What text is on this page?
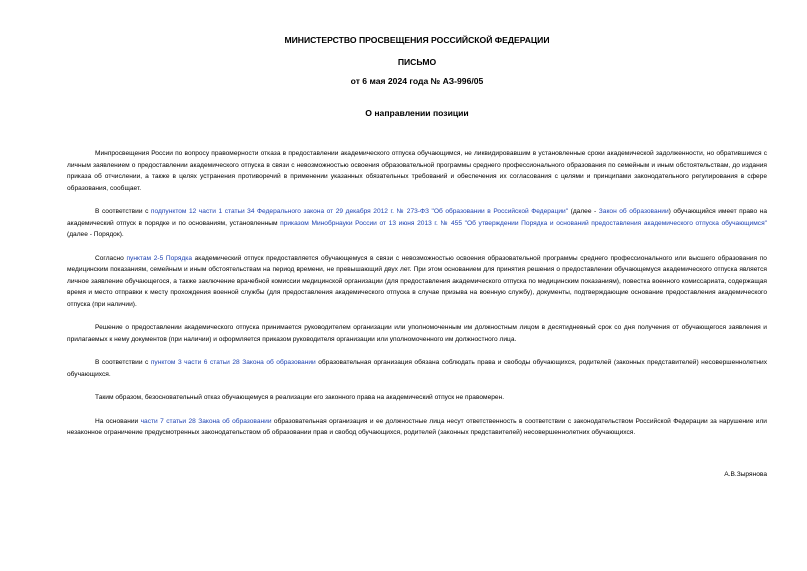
МИНИСТЕРСТВО ПРОСВЕЩЕНИЯ РОССИЙСКОЙ ФЕДЕРАЦИИ
ПИСЬМО
от 6 мая 2024 года № АЗ-996/05
О направлении позиции

Минпросвещения России по вопросу правомерности отказа в предоставлении академического отпуска обучающимся, не ликвидировавшим в установленные сроки академической задолженности, но обратившимся с личным заявлением о предоставлении академического отпуска в связи с невозможностью освоения образовательной программы среднего профессионального образования по семейным и иным обстоятельствам, до издания приказа об отчислении, а также в целях устранения противоречий в применении указанных обязательных требований и обеспечения их согласования с целями и принципами законодательного регулирования в сфере образования, сообщает.

В соответствии с подпунктом 12 части 1 статьи 34 Федерального закона от 29 декабря 2012 г. № 273-ФЗ "Об образовании в Российской Федерации" (далее - Закон об образовании) обучающийся имеет право на академический отпуск в порядке и по основаниям, установленным приказом Минобрнауки России от 13 июня 2013 г. № 455 "Об утверждении Порядка и оснований предоставления академического отпуска обучающимся" (далее - Порядок).

Согласно пунктам 2-5 Порядка академический отпуск предоставляется обучающемуся в связи с невозможностью освоения образовательной программы среднего профессионального или высшего образования по медицинским показаниям, семейным и иным обстоятельствам на период времени, не превышающий двух лет. При этом основанием для принятия решения о предоставлении обучающемуся академического отпуска является личное заявление обучающегося, а также заключение врачебной комиссии медицинской организации (для предоставления академического отпуска по медицинским показаниям), повестка военного комиссариата, содержащая время и место отправки к месту прохождения военной службы (для предоставления академического отпуска в случае призыва на военную службу), документы, подтверждающие основание предоставления академического отпуска (при наличии).

Решение о предоставлении академического отпуска принимается руководителем организации или уполномоченным им должностным лицом в десятидневный срок со дня получения от обучающегося заявления и прилагаемых к нему документов (при наличии) и оформляется приказом руководителя организации или уполномоченного им должностного лица.

В соответствии с пунктом 3 части 6 статьи 28 Закона об образовании образовательная организация обязана соблюдать права и свободы обучающихся, родителей (законных представителей) несовершеннолетних обучающихся.

Таким образом, безосновательный отказ обучающемуся в реализации его законного права на академический отпуск не правомерен.

На основании части 7 статьи 28 Закона об образовании образовательная организация и ее должностные лица несут ответственность в соответствии с законодательством Российской Федерации за нарушение или незаконное ограничение предусмотренных законодательством об образовании прав и свобод обучающихся, родителей (законных представителей) несовершеннолетних обучающихся.

А.В.Зырянова
